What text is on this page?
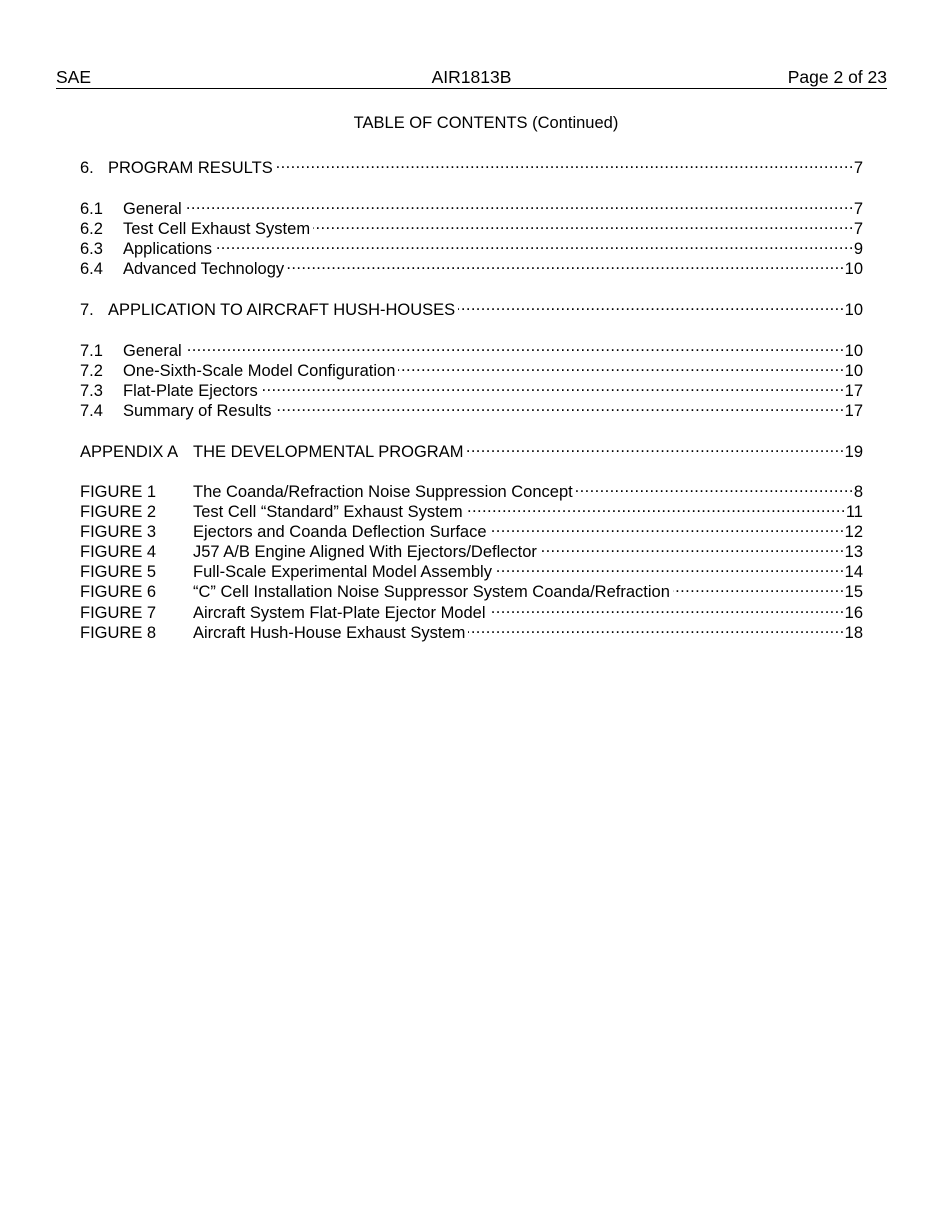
SAE	AIR1813B	Page 2 of 23
TABLE OF CONTENTS (Continued)
6. PROGRAM RESULTS .....	7
6.1	General .....	7
6.2	Test Cell Exhaust System .....	7
6.3	Applications .....	9
6.4	Advanced Technology .....	10
7. APPLICATION TO AIRCRAFT HUSH-HOUSES .....	10
7.1	General .....	10
7.2	One-Sixth-Scale Model Configuration .....	10
7.3	Flat-Plate Ejectors .....	17
7.4	Summary of Results .....	17
APPENDIX A THE DEVELOPMENTAL PROGRAM .....	19
FIGURE 1	The Coanda/Refraction Noise Suppression Concept .....	8
FIGURE 2	Test Cell “Standard” Exhaust System .....	11
FIGURE 3	Ejectors and Coanda Deflection Surface .....	12
FIGURE 4	J57 A/B Engine Aligned With Ejectors/Deflector .....	13
FIGURE 5	Full-Scale Experimental Model Assembly .....	14
FIGURE 6	“C” Cell Installation Noise Suppressor System Coanda/Refraction .....	15
FIGURE 7	Aircraft System Flat-Plate Ejector Model .....	16
FIGURE 8	Aircraft Hush-House Exhaust System .....	18
